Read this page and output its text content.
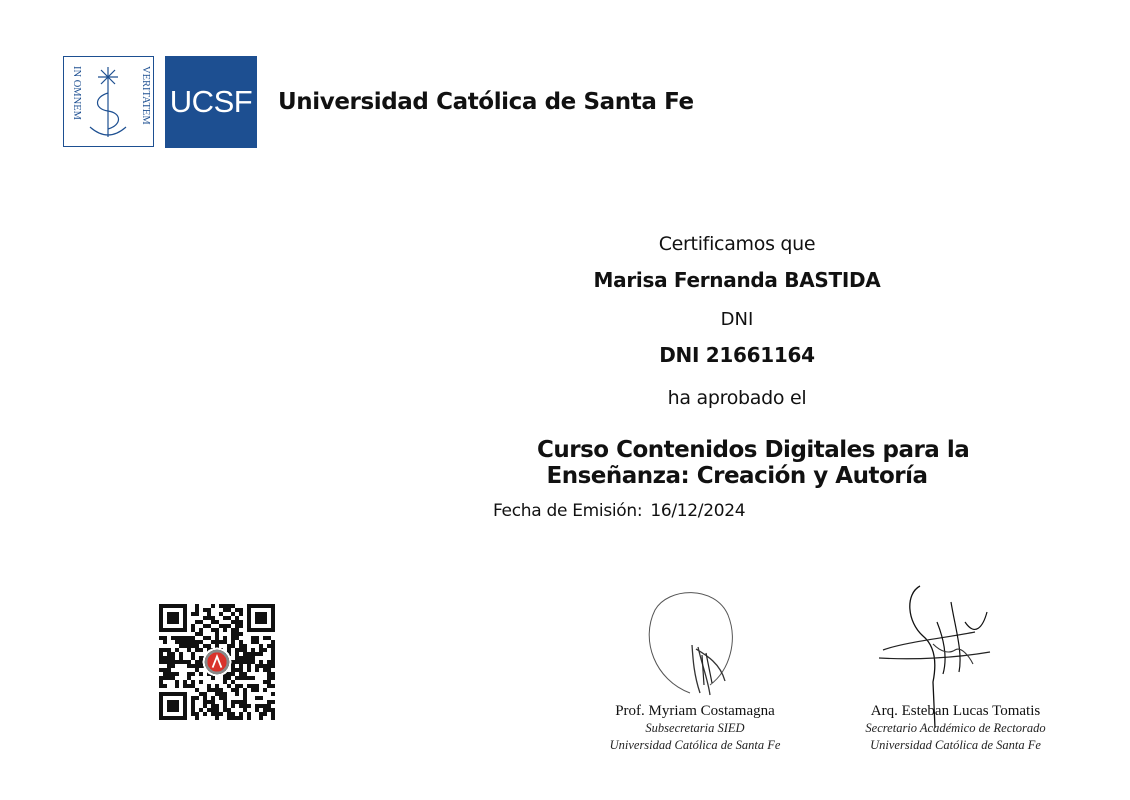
IN OMNEM	VERITATEM UCSF Universidad Católica de Santa Fe
Certificamos que
Marisa Fernanda BASTIDA
DNI
DNI 21661164
ha aprobado el
Curso Contenidos Digitales para la
Enseñanza: Creación y Autoría
Fecha de Emisión: 16/12/2024
Prof. Myriam Costamagna
Subsecretaria SIED
Universidad Católica de Santa Fe
Arq. Esteban Lucas Tomatis
Secretario Académico de Rectorado
Universidad Católica de Santa Fe
